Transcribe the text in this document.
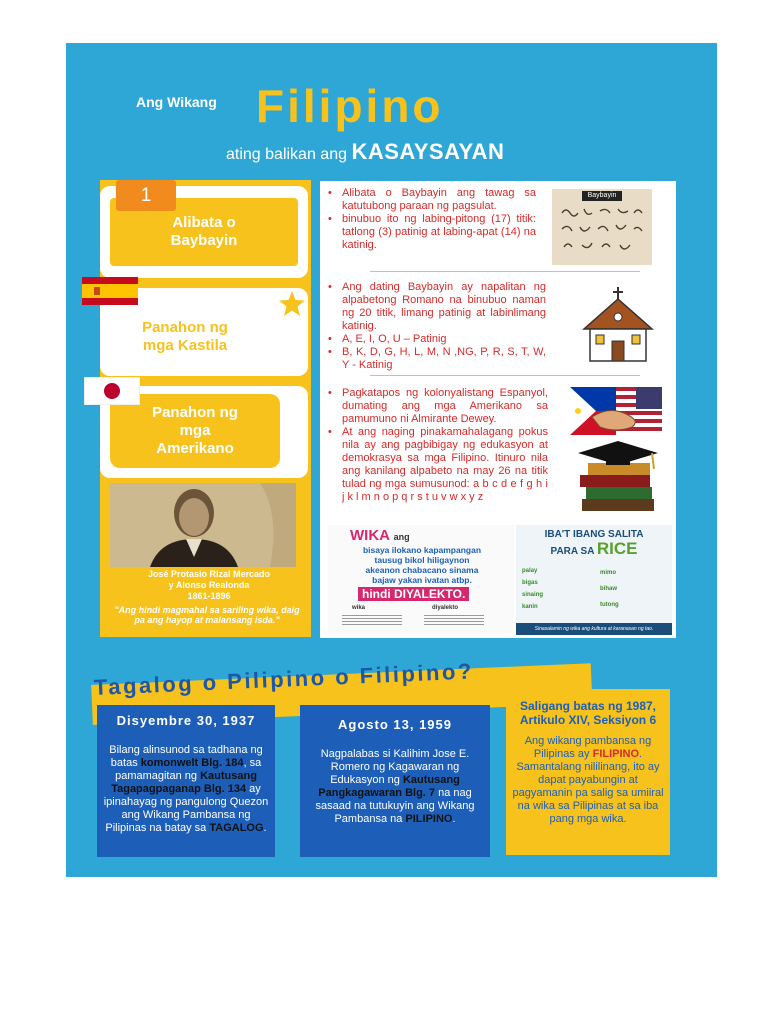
Ang Wikang Filipino
ating balikan ang KASAYSAYAN
Alibata o
Baybayin
1
Panahon ng
mga Kastila
Panahon ng
mga
Amerikano
José Protasio Rizal Mercado
y Alonso Realonda
1861-1896
"Ang hindi magmahal sa sariling wika, daig pa ang hayop at malansang isda."
• Alibata o Baybayin ang tawag sa katutubong paraan ng pagsulat.
• binubuo ito ng labing-pitong (17) titik: tatlong (3) patinig at labing-apat (14) na katinig.
Baybayin
• Ang dating Baybayin ay napalitan ng alpabetong Romano na binubuo naman ng 20 titik, limang patinig at labinlimang katinig.
• A, E, I, O, U – Patinig
• B, K, D, G, H, L, M, N ,NG, P, R, S, T, W, Y - Katinig
• Pagkatapos ng kolonyalistang Espanyol, dumating ang mga Amerikano sa pamumuno ni Almirante Dewey.
• At ang naging pinakamahalagang pokus nila ay ang pagbibigay ng edukasyon at demokrasya sa mga Filipino. Itinuro nila ang kanilang alpabeto na may 26 na titik tulad ng mga sumusunod: a b c d e f g h i j k l m n o p q r s t u v w x y z
WIKA ang
bisaya ilokano kapampangan
tausug bikol hiligaynon
akeanon chabacano sinama
bajaw yakan ivatan atbp.
hindi DIYALEKTO.
wika	diyalekto
IBA'T IBANG SALITA
PARA SA RICE
palay
bigas
sinaing
kanin
mimo
bihaw
tutong
Sinasalamin ng wika ang kultura at karanasan ng tao.
Tagalog o Pilipino o Filipino?
Disyembre 30, 1937
Bilang alinsunod sa tadhana ng batas komonwelt Blg. 184, sa pamamagitan ng Kautusang Tagapagpaganap Blg. 134 ay ipinahayag ng pangulong Quezon ang Wikang Pambansa ng Pilipinas na batay sa TAGALOG.
Agosto 13, 1959
Nagpalabas si Kalihim Jose E. Romero ng Kagawaran ng Edukasyon ng Kautusang Pangkagawaran Blg. 7 na nag sasaad na tutukuyin ang Wikang Pambansa na PILIPINO.
Saligang batas ng 1987, Artikulo XIV, Seksiyon 6
Ang wikang pambansa ng Pilipinas ay FILIPINO. Samantalang nililinang, ito ay dapat payabungin at pagyamanin pa salig sa umiiral na wika sa Pilipinas at sa iba pang mga wika.
